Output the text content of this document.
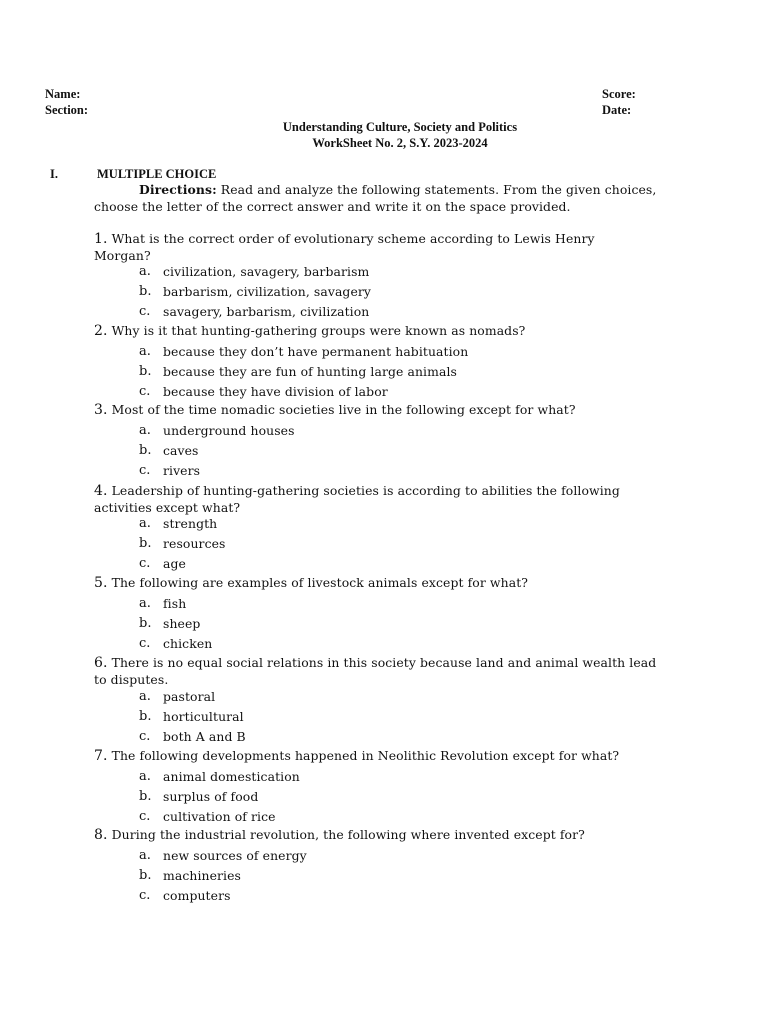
Name:
Section:
Score:
Date:
Understanding Culture, Society and Politics
WorkSheet No. 2, S.Y. 2023-2024
I.	MULTIPLE CHOICE
Directions: Read and analyze the following statements. From the given choices,
choose the letter of the correct answer and write it on the space provided.
1. What is the correct order of evolutionary scheme according to Lewis Henry Morgan?
a. civilization, savagery, barbarism
b. barbarism, civilization, savagery
c. savagery, barbarism, civilization
2. Why is it that hunting-gathering groups were known as nomads?
a. because they don’t have permanent habituation
b. because they are fun of hunting large animals
c. because they have division of labor
3. Most of the time nomadic societies live in the following except for what?
a. underground houses
b. caves
c. rivers
4. Leadership of hunting-gathering societies is according to abilities the following activities except what?
a. strength
b. resources
c. age
5. The following are examples of livestock animals except for what?
a. fish
b. sheep
c. chicken
6. There is no equal social relations in this society because land and animal wealth lead to disputes.
a. pastoral
b. horticultural
c. both A and B
7. The following developments happened in Neolithic Revolution except for what?
a. animal domestication
b. surplus of food
c. cultivation of rice
8. During the industrial revolution, the following where invented except for?
a. new sources of energy
b. machineries
c. computers
